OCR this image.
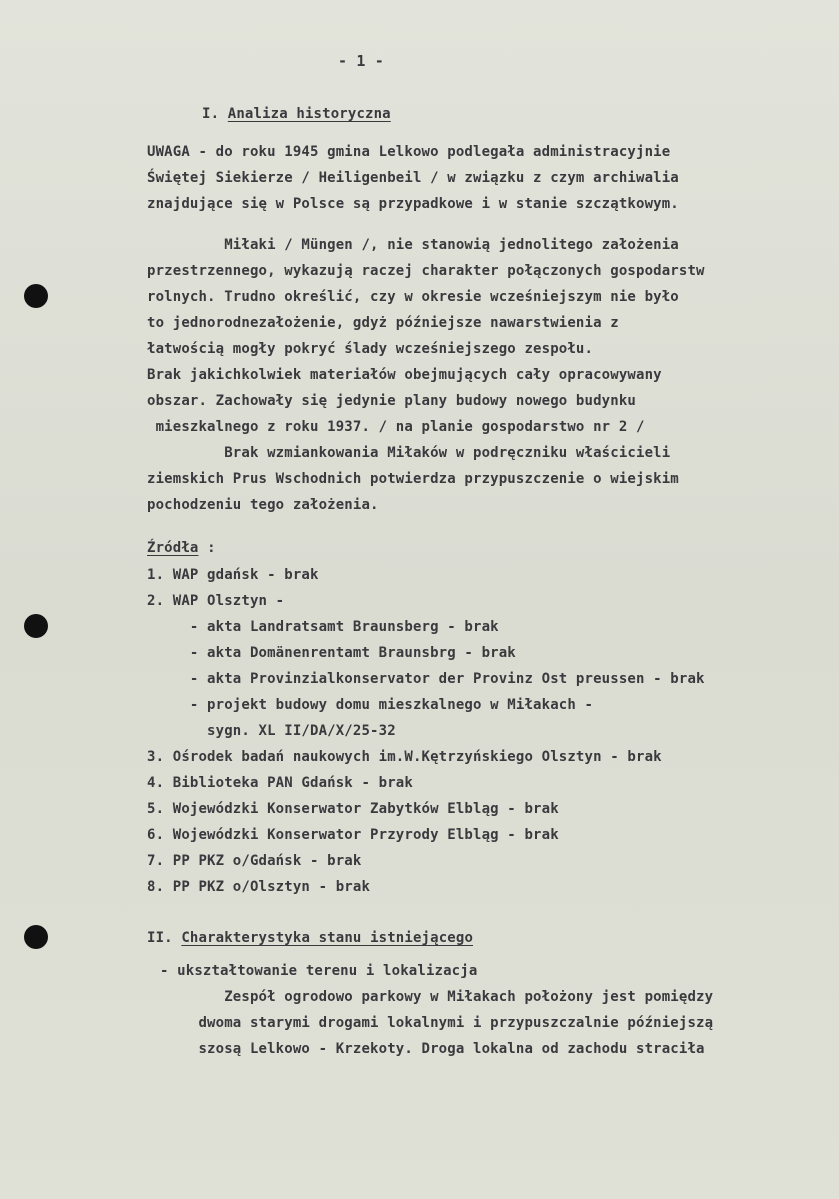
- 1 -
I. Analiza historyczna
UWAGA - do roku 1945 gmina Lelkowo podlegała administracyjnie
Świętej Siekierze / Heiligenbeil / w związku z czym archiwalia
znajdujące się w Polsce są przypadkowe i w stanie szczątkowym.
Miłaki / Müngen /, nie stanowią jednolitego założenia
przestrzennego, wykazują raczej charakter połączonych gospodarstw
rolnych. Trudno określić, czy w okresie wcześniejszym nie było
to jednorodnezałożenie, gdyż późniejsze nawarstwienia z
łatwością mogły pokryć ślady wcześniejszego zespołu.
Brak jakichkolwiek materiałów obejmujących cały opracowywany
obszar. Zachowały się jedynie plany budowy nowego budynku
mieszkalnego z roku 1937. / na planie gospodarstwo nr 2 /
Brak wzmiankowania Miłaków w podręczniku właścicieli
ziemskich Prus Wschodnich potwierdza przypuszczenie o wiejskim
pochodzeniu tego założenia.
Źródła :
1. WAP gdańsk - brak
2. WAP Olsztyn -
- akta Landratsamt Braunsberg - brak
- akta Domänenrentamt Braunsbrg - brak
- akta Provinzialkonservator der Provinz Ost preussen - brak
- projekt budowy domu mieszkalnego w Miłakach -
sygn. XL II/DA/X/25-32
3. Ośrodek badań naukowych im.W.Kętrzyńskiego Olsztyn - brak
4. Biblioteka PAN Gdańsk - brak
5. Wojewódzki Konserwator Zabytków Elbląg - brak
6. Wojewódzki Konserwator Przyrody Elbląg - brak
7. PP PKZ o/Gdańsk - brak
8. PP PKZ o/Olsztyn - brak
II. Charakterystyka stanu istniejącego
- ukształtowanie terenu i lokalizacja
Zespół ogrodowo parkowy w Miłakach położony jest pomiędzy
dwoma starymi drogami lokalnymi i przypuszczalnie późniejszą
szosą Lelkowo - Krzekoty. Droga lokalna od zachodu straciła
